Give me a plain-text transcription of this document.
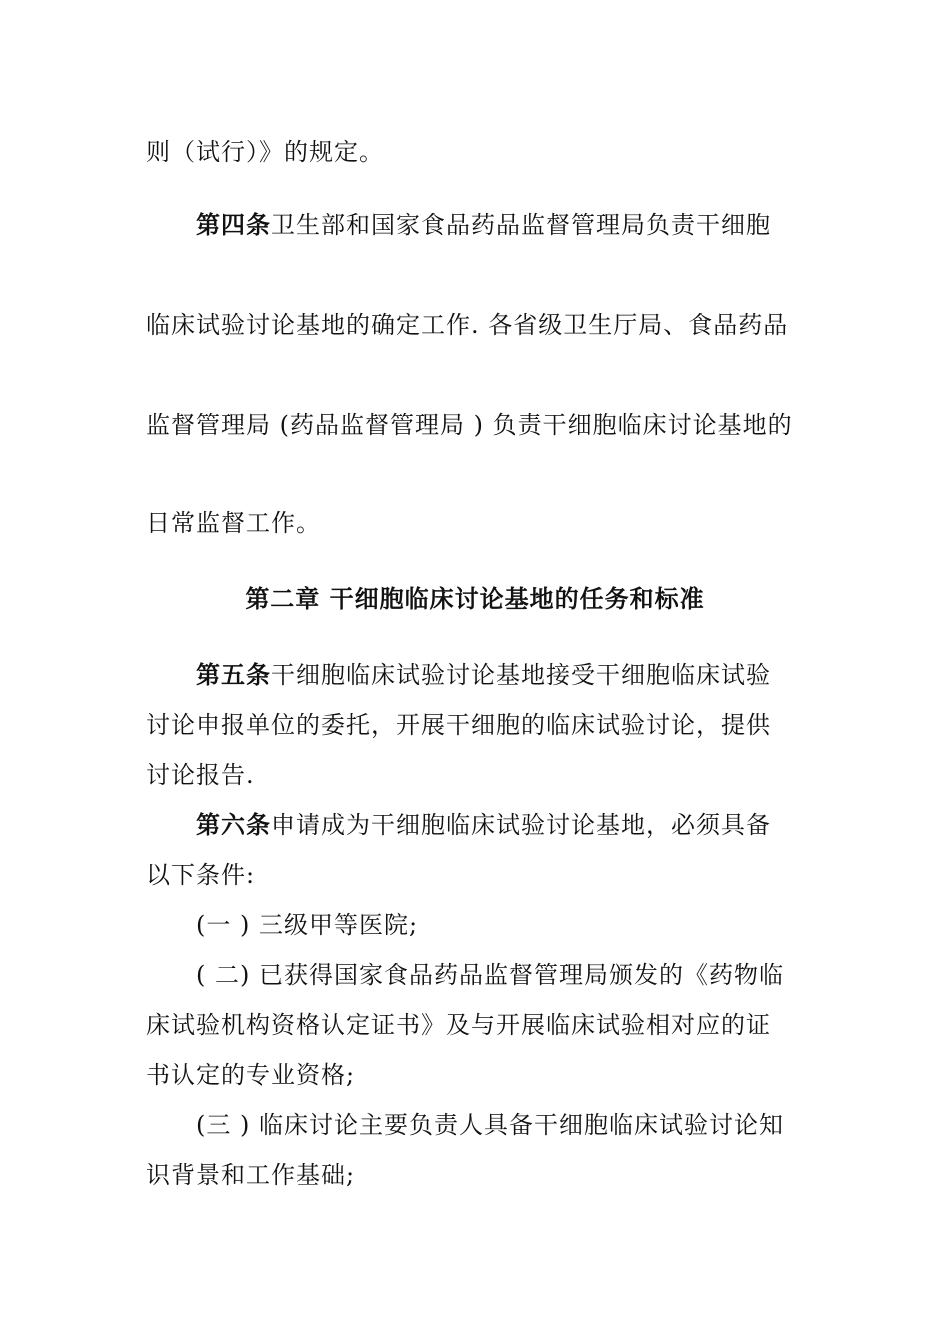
则（试行）》的规定。
第四条卫生部和国家食品药品监督管理局负责干细胞
临床试验讨论基地的确定工作. 各省级卫生厅局、食品药品
监督管理局 (药品监督管理局 ) 负责干细胞临床讨论基地的
日常监督工作。
第二章 干细胞临床讨论基地的任务和标准
第五条干细胞临床试验讨论基地接受干细胞临床试验
讨论申报单位的委托，开展干细胞的临床试验讨论，提供
讨论报告.
第六条申请成为干细胞临床试验讨论基地，必须具备
以下条件:
(一 ) 三级甲等医院;
( 二) 已获得国家食品药品监督管理局颁发的《药物临
床试验机构资格认定证书》及与开展临床试验相对应的证
书认定的专业资格;
(三 ) 临床讨论主要负责人具备干细胞临床试验讨论知
识背景和工作基础;
